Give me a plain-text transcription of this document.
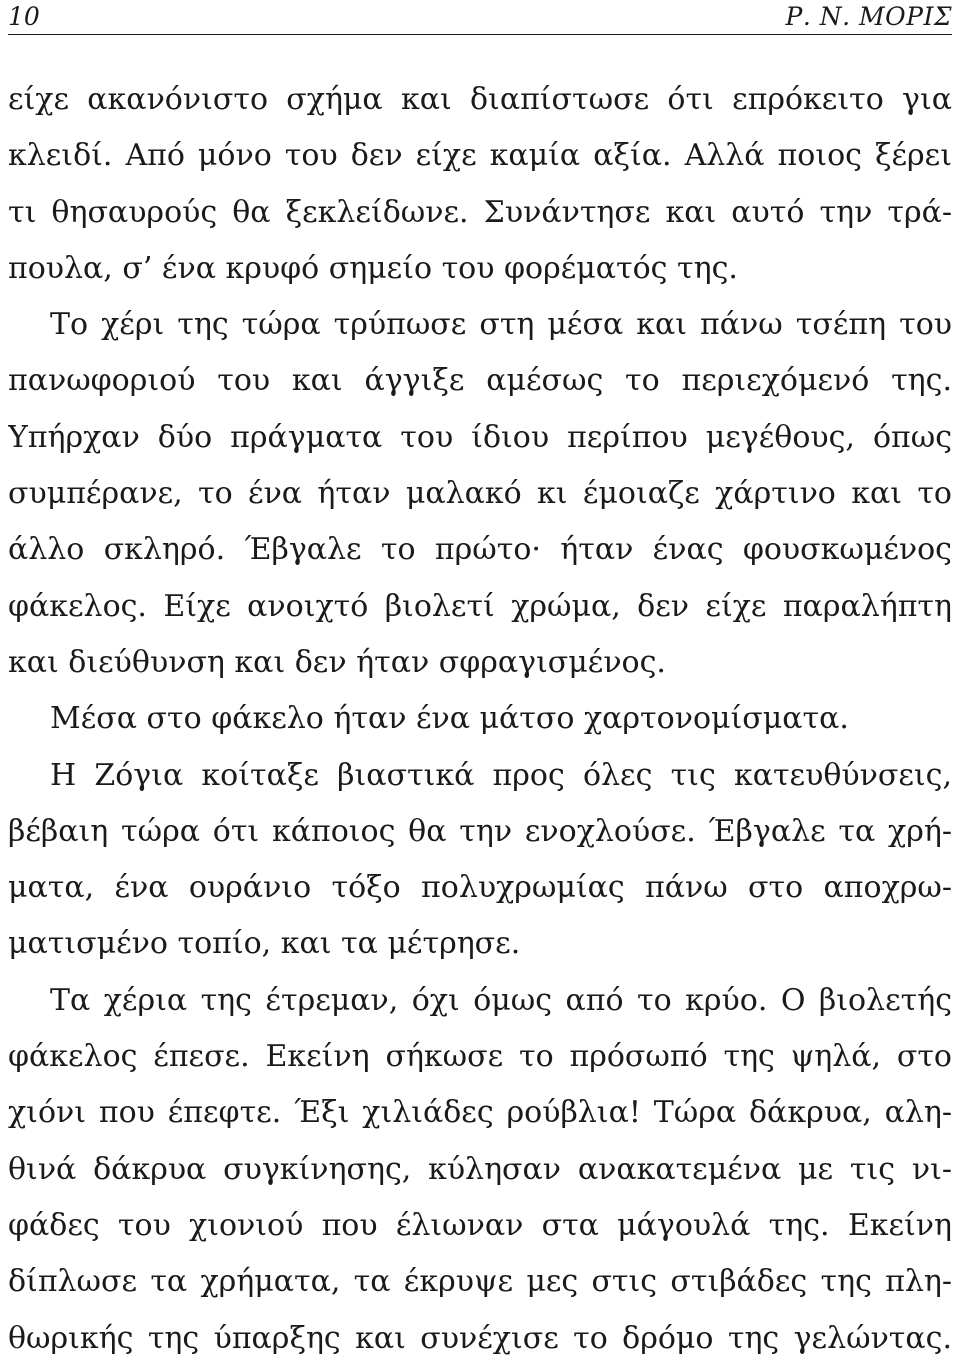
10	Ρ. Ν. ΜΟΡΙΣ
είχε ακανόνιστο σχήμα και διαπίστωσε ότι επρόκειτο για
κλειδί. Από μόνο του δεν είχε καμία αξία. Αλλά ποιος ξέρει
τι θησαυρούς θα ξεκλείδωνε. Συνάντησε και αυτό την τρά-
πουλα, σ’ ένα κρυφό σημείο του φορέματός της.
Το χέρι της τώρα τρύπωσε στη μέσα και πάνω τσέπη του
πανωφοριού του και άγγιξε αμέσως το περιεχόμενό της.
Υπήρχαν δύο πράγματα του ίδιου περίπου μεγέθους, όπως
συμπέρανε, το ένα ήταν μαλακό κι έμοιαζε χάρτινο και το
άλλο σκληρό. Έβγαλε το πρώτο· ήταν ένας φουσκωμένος
φάκελος. Είχε ανοιχτό βιολετί χρώμα, δεν είχε παραλήπτη
και διεύθυνση και δεν ήταν σφραγισμένος.
Μέσα στο φάκελο ήταν ένα μάτσο χαρτονομίσματα.
Η Ζόγια κοίταξε βιαστικά προς όλες τις κατευθύνσεις,
βέβαιη τώρα ότι κάποιος θα την ενοχλούσε. Έβγαλε τα χρή-
ματα, ένα ουράνιο τόξο πολυχρωμίας πάνω στο αποχρω-
ματισμένο τοπίο, και τα μέτρησε.
Τα χέρια της έτρεμαν, όχι όμως από το κρύο. Ο βιολετής
φάκελος έπεσε. Εκείνη σήκωσε το πρόσωπό της ψηλά, στο
χιόνι που έπεφτε. Έξι χιλιάδες ρούβλια! Τώρα δάκρυα, αλη-
θινά δάκρυα συγκίνησης, κύλησαν ανακατεμένα με τις νι-
φάδες του χιονιού που έλιωναν στα μάγουλά της. Εκείνη
δίπλωσε τα χρήματα, τα έκρυψε μες στις στιβάδες της πλη-
θωρικής της ύπαρξης και συνέχισε το δρόμο της γελώντας.
